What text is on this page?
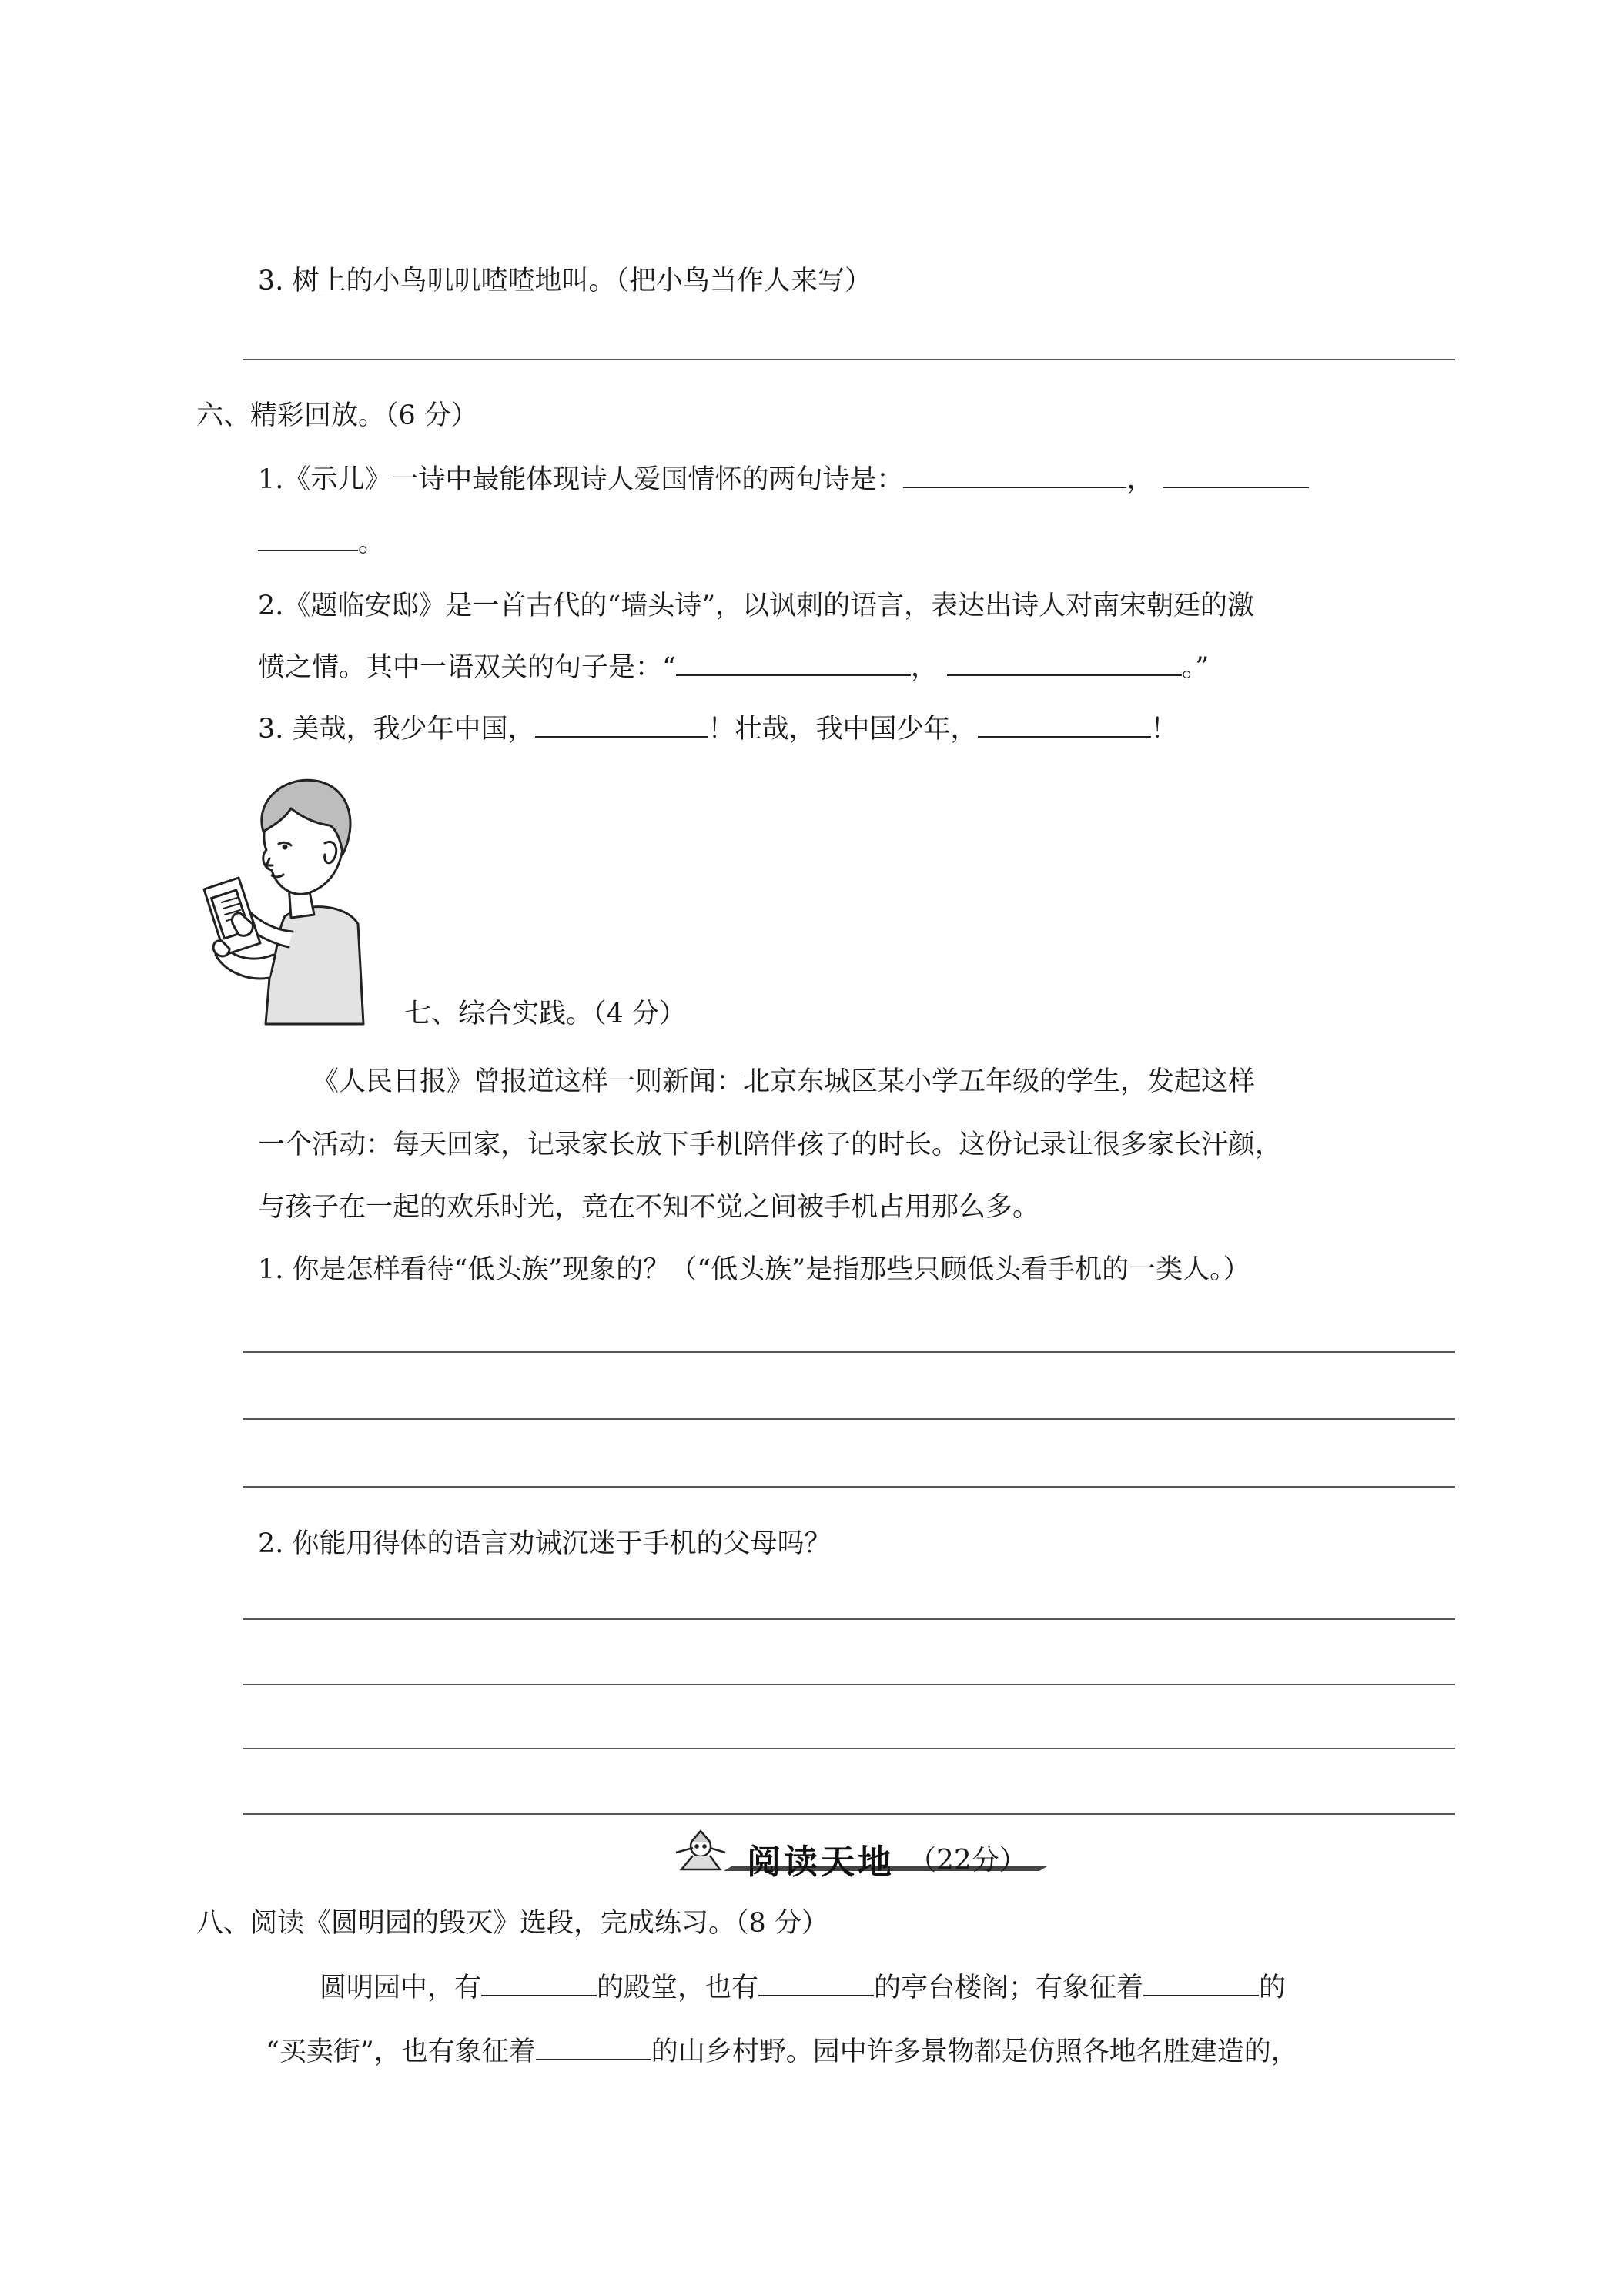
3. 树上的小鸟叽叽喳喳地叫。（把小鸟当作人来写）
六、精彩回放。（6 分）
1.《示儿》一诗中最能体现诗人爱国情怀的两句诗是：	，
。
2.《题临安邸》是一首古代的“墙头诗”，以讽刺的语言，表达出诗人对南宋朝廷的激
愤之情。其中一语双关的句子是：“	，	。”
3. 美哉，我少年中国，	！壮哉，我中国少年，	！
七、综合实践。（4 分）
《人民日报》曾报道这样一则新闻：北京东城区某小学五年级的学生，发起这样
一个活动：每天回家，记录家长放下手机陪伴孩子的时长。这份记录让很多家长汗颜，
与孩子在一起的欢乐时光，竟在不知不觉之间被手机占用那么多。
1. 你是怎样看待“低头族”现象的？（“低头族”是指那些只顾低头看手机的一类人。）
2. 你能用得体的语言劝诫沉迷于手机的父母吗？
阅读天地 （22分）
八、阅读《圆明园的毁灭》选段，完成练习。（8 分）
圆明园中，有	的殿堂，也有	的亭台楼阁；有象征着	的
“买卖街”，也有象征着	的山乡村野。园中许多景物都是仿照各地名胜建造的，
